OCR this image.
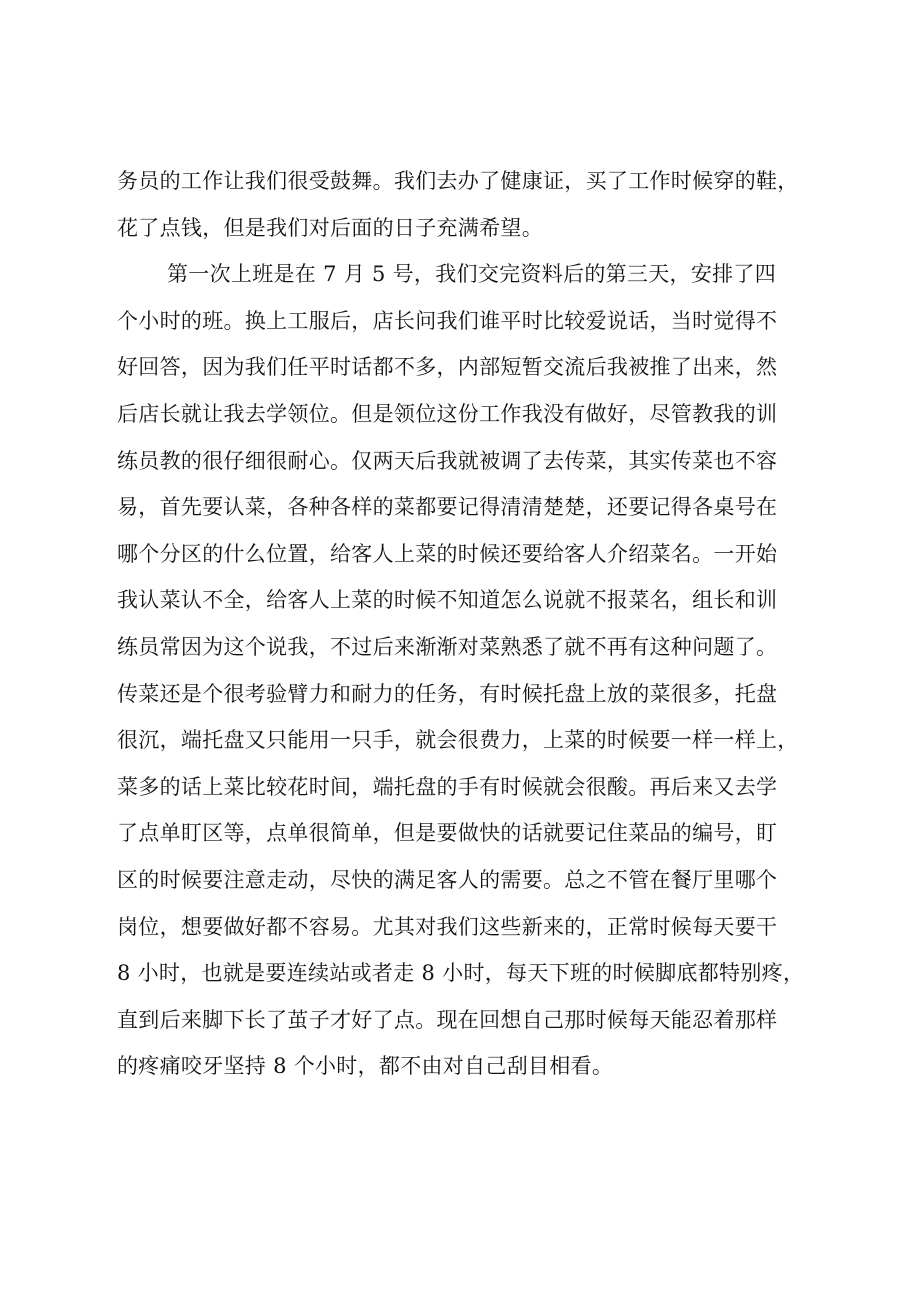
务员的工作让我们很受鼓舞。我们去办了健康证，买了工作时候穿的鞋，
花了点钱，但是我们对后面的日子充满希望。
第一次上班是在 7 月 5 号，我们交完资料后的第三天，安排了四
个小时的班。换上工服后，店长问我们谁平时比较爱说话，当时觉得不
好回答，因为我们任平时话都不多，内部短暂交流后我被推了出来，然
后店长就让我去学领位。但是领位这份工作我没有做好，尽管教我的训
练员教的很仔细很耐心。仅两天后我就被调了去传菜，其实传菜也不容
易，首先要认菜，各种各样的菜都要记得清清楚楚，还要记得各桌号在
哪个分区的什么位置，给客人上菜的时候还要给客人介绍菜名。一开始
我认菜认不全，给客人上菜的时候不知道怎么说就不报菜名，组长和训
练员常因为这个说我，不过后来渐渐对菜熟悉了就不再有这种问题了。
传菜还是个很考验臂力和耐力的任务，有时候托盘上放的菜很多，托盘
很沉，端托盘又只能用一只手，就会很费力，上菜的时候要一样一样上，
菜多的话上菜比较花时间，端托盘的手有时候就会很酸。再后来又去学
了点单盯区等，点单很简单，但是要做快的话就要记住菜品的编号，盯
区的时候要注意走动，尽快的满足客人的需要。总之不管在餐厅里哪个
岗位，想要做好都不容易。尤其对我们这些新来的，正常时候每天要干
8 小时，也就是要连续站或者走 8 小时，每天下班的时候脚底都特别疼，
直到后来脚下长了茧子才好了点。现在回想自己那时候每天能忍着那样
的疼痛咬牙坚持 8 个小时，都不由对自己刮目相看。
